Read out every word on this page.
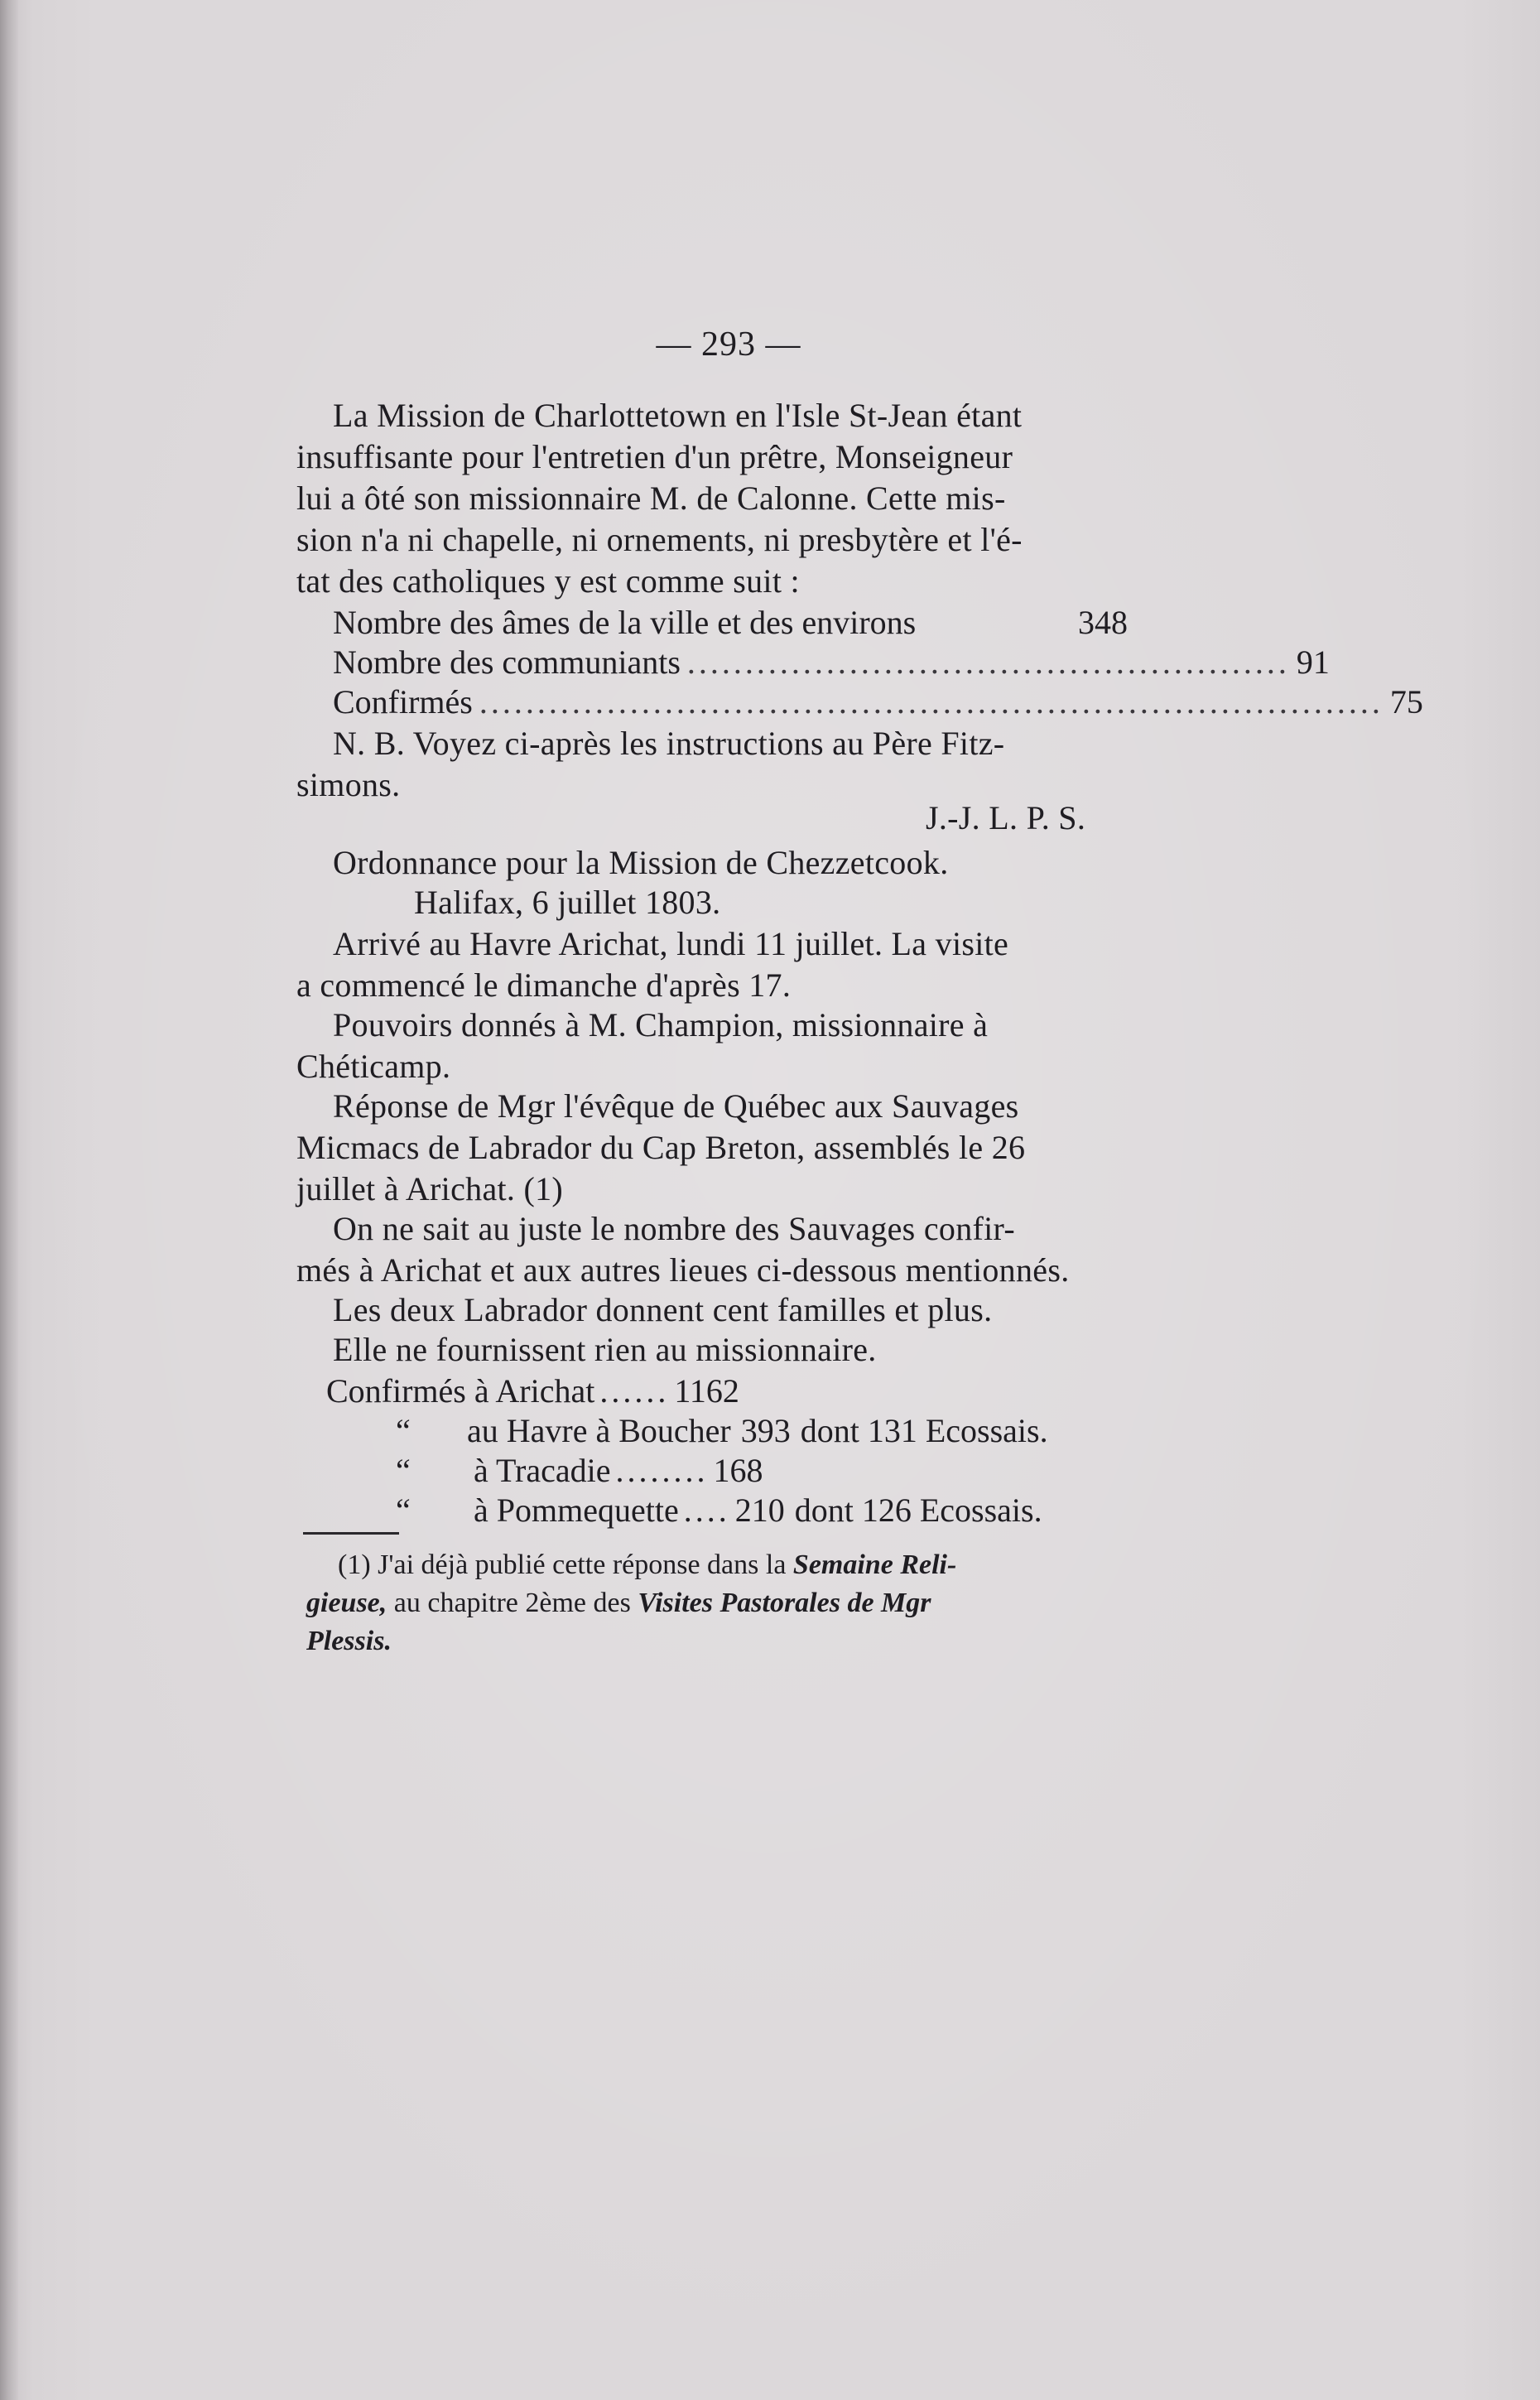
— 293 —
La Mission de Charlottetown en l'Isle St-Jean étant
insuffisante pour l'entretien d'un prêtre, Monseigneur
lui a ôté son missionnaire M. de Calonne. Cette mis-
sion n'a ni chapelle, ni ornements, ni presbytère et l'é-
tat des catholiques y est comme suit :
Nombre des âmes de la ville et des environs	348
Nombre des communiants .................................................... 91
Confirmés .............................................................................. 75
N. B. Voyez ci-après les instructions au Père Fitz-
simons.
J.-J. L. P. S.
Ordonnance pour la Mission de Chezzetcook.
Halifax, 6 juillet 1803.
Arrivé au Havre Arichat, lundi 11 juillet. La visite
a commencé le dimanche d'après 17.
Pouvoirs donnés à M. Champion, missionnaire à
Chéticamp.
Réponse de Mgr l'évêque de Québec aux Sauvages
Micmacs de Labrador du Cap Breton, assemblés le 26
juillet à Arichat. (1)
On ne sait au juste le nombre des Sauvages confir-
més à Arichat et aux autres lieues ci-dessous mentionnés.
Les deux Labrador donnent cent familles et plus.
Elle ne fournissent rien au missionnaire.
Confirmés à Arichat ...... 1162
“	au Havre à Boucher 393 dont 131 Ecossais.
“	à Tracadie ........ 168
“	à Pommequette .... 210 dont 126 Ecossais.
(1) J'ai déjà publié cette réponse dans la Semaine Reli-
gieuse, au chapitre 2ème des Visites Pastorales de Mgr
Plessis.
